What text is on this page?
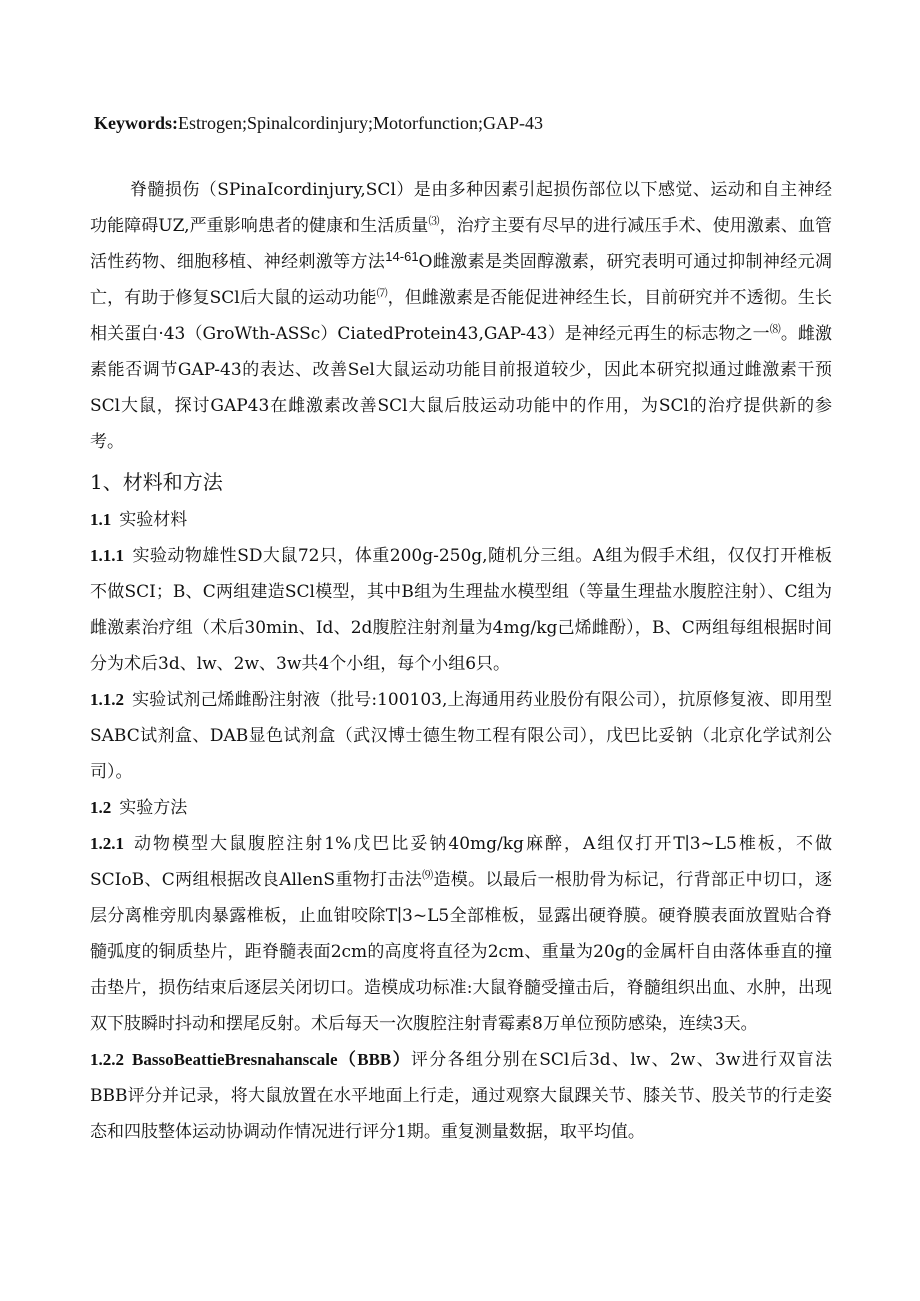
Keywords:Estrogen;Spinalcordinjury;Motorfunction;GAP-43

脊髓损伤（SPinaIcordinjury,SCl）是由多种因素引起损伤部位以下感觉、运动和自主神经功能障碍UZ,严重影响患者的健康和生活质量⑶，治疗主要有尽早的进行减压手术、使用激素、血管活性药物、细胞移植、神经刺激等方法$^{14-61}$O雌激素是类固醇激素，研究表明可通过抑制神经元凋亡，有助于修复SCl后大鼠的运动功能⑺，但雌激素是否能促进神经生长，目前研究并不透彻。生长相关蛋白·43（GroWth-ASSc）CiatedProtein43,GAP-43）是神经元再生的标志物之一⑻。雌激素能否调节GAP-43的表达、改善Sel大鼠运动功能目前报道较少，因此本研究拟通过雌激素干预SCl大鼠，探讨GAP43在雌激素改善SCl大鼠后肢运动功能中的作用，为SCl的治疗提供新的参考。

1、材料和方法

1.1 实验材料

1.1.1 实验动物雄性SD大鼠72只，体重200g-250g,随机分三组。A组为假手术组，仅仅打开椎板不做SCI；B、C两组建造SCl模型，其中B组为生理盐水模型组（等量生理盐水腹腔注射）、C组为雌激素治疗组（术后30min、Id、2d腹腔注射剂量为4mg∕kg己烯雌酚），B、C两组每组根据时间分为术后3d、lw、2w、3w共4个小组，每个小组6只。

1.1.2 实验试剂己烯雌酚注射液（批号:100103,上海通用药业股份有限公司），抗原修复液、即用型SABC试剂盒、DAB显色试剂盒（武汉博士德生物工程有限公司），戊巴比妥钠（北京化学试剂公司）。

1.2 实验方法

1.2.1 动物模型大鼠腹腔注射1%戊巴比妥钠40mg∕kg麻醉，A组仅打开T∣3~L5椎板，不做SCIoB、C两组根据改良AllenS重物打击法⑼造模。以最后一根肋骨为标记，行背部正中切口，逐层分离椎旁肌肉暴露椎板，止血钳咬除T∣3~L5全部椎板，显露出硬脊膜。硬脊膜表面放置贴合脊髓弧度的铜质垫片，距脊髓表面2cm的高度将直径为2cm、重量为20g的金属杆自由落体垂直的撞击垫片，损伤结束后逐层关闭切口。造模成功标准:大鼠脊髓受撞击后，脊髓组织出血、水肿，出现双下肢瞬时抖动和摆尾反射。术后每天一次腹腔注射青霉素8万单位预防感染，连续3天。

1.2.2 BassoBeattieBresnahanscale（BBB）评分各组分别在SCl后3d、lw、2w、3w进行双盲法BBB评分并记录，将大鼠放置在水平地面上行走，通过观察大鼠踝关节、膝关节、股关节的行走姿态和四肢整体运动协调动作情况进行评分1期。重复测量数据，取平均值。
